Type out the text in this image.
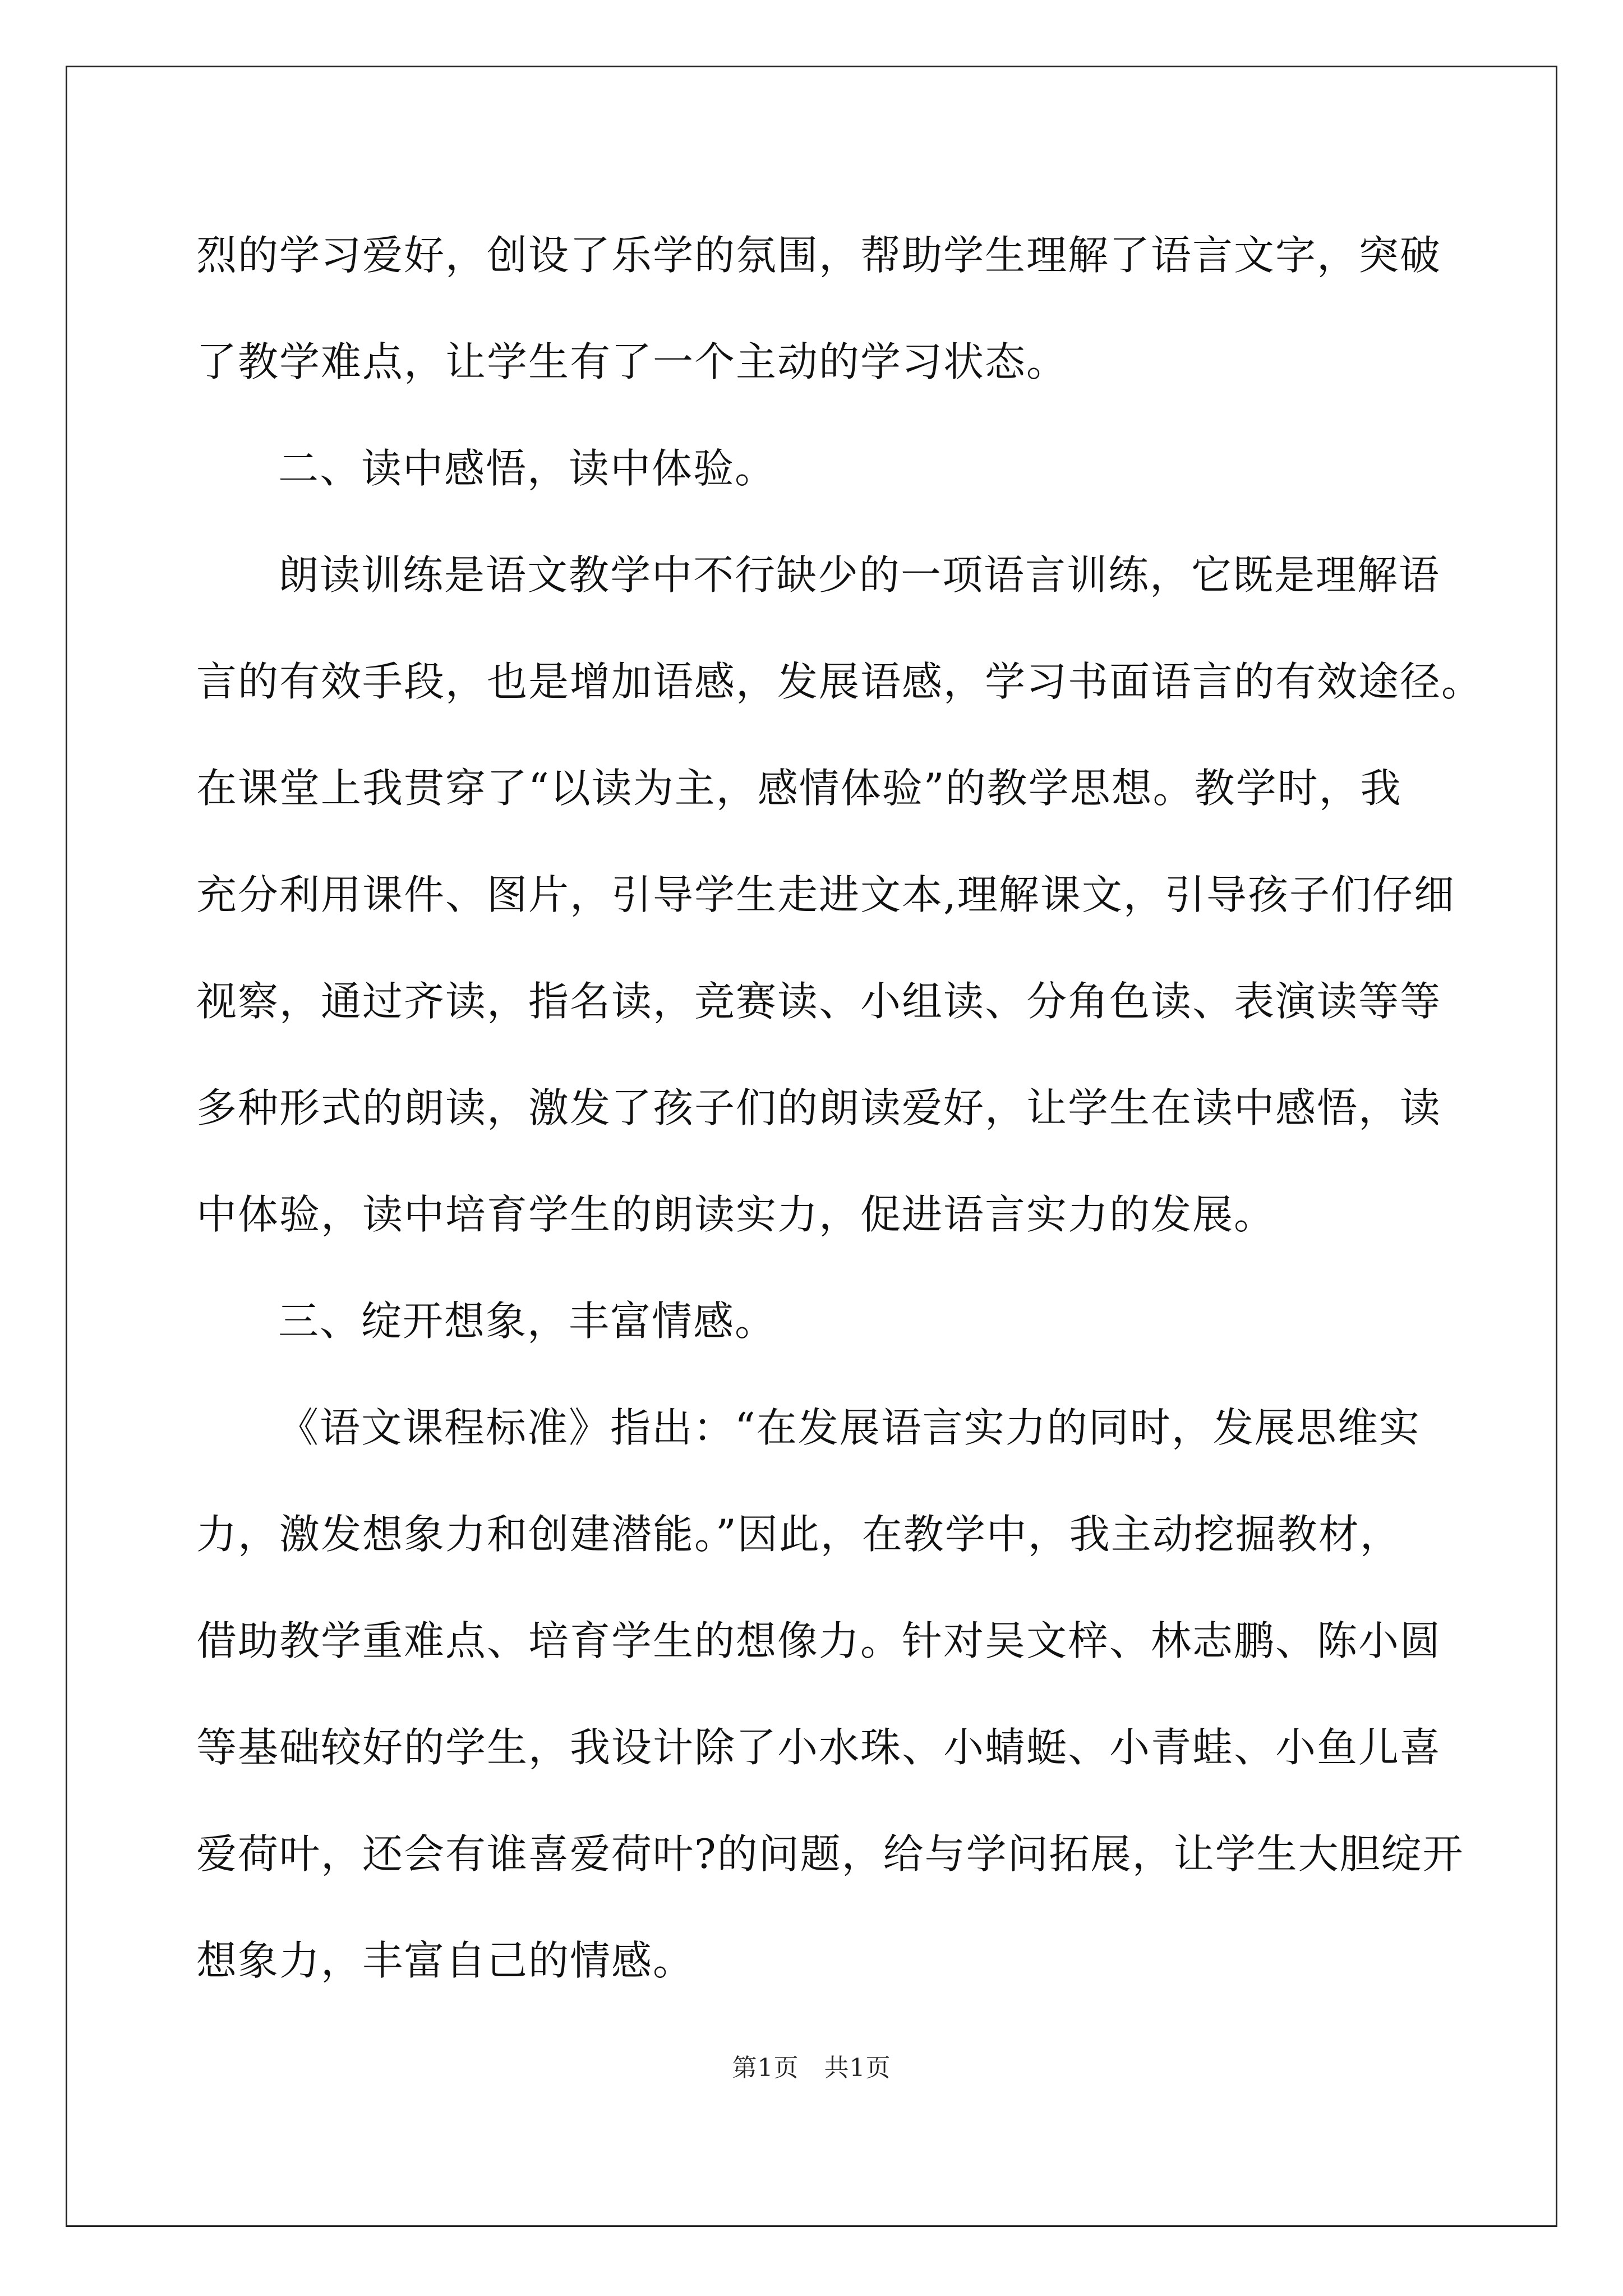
烈的学习爱好，创设了乐学的氛围，帮助学生理解了语言文字，突破
了教学难点，让学生有了一个主动的学习状态。
二、读中感悟，读中体验。
朗读训练是语文教学中不行缺少的一项语言训练，它既是理解语
言的有效手段，也是增加语感，发展语感，学习书面语言的有效途径。
在课堂上我贯穿了“以读为主，感情体验”的教学思想。教学时，我
充分利用课件、图片，引导学生走进文本,理解课文，引导孩子们仔细
视察，通过齐读，指名读，竞赛读、小组读、分角色读、表演读等等
多种形式的朗读，激发了孩子们的朗读爱好，让学生在读中感悟，读
中体验，读中培育学生的朗读实力，促进语言实力的发展。
三、绽开想象，丰富情感。
《语文课程标准》指出：“在发展语言实力的同时，发展思维实
力，激发想象力和创建潜能。”因此，在教学中，我主动挖掘教材，
借助教学重难点、培育学生的想像力。针对吴文梓、林志鹏、陈小圆
等基础较好的学生，我设计除了小水珠、小蜻蜓、小青蛙、小鱼儿喜
爱荷叶，还会有谁喜爱荷叶?的问题，给与学问拓展，让学生大胆绽开
想象力，丰富自己的情感。
第1页　共1页
